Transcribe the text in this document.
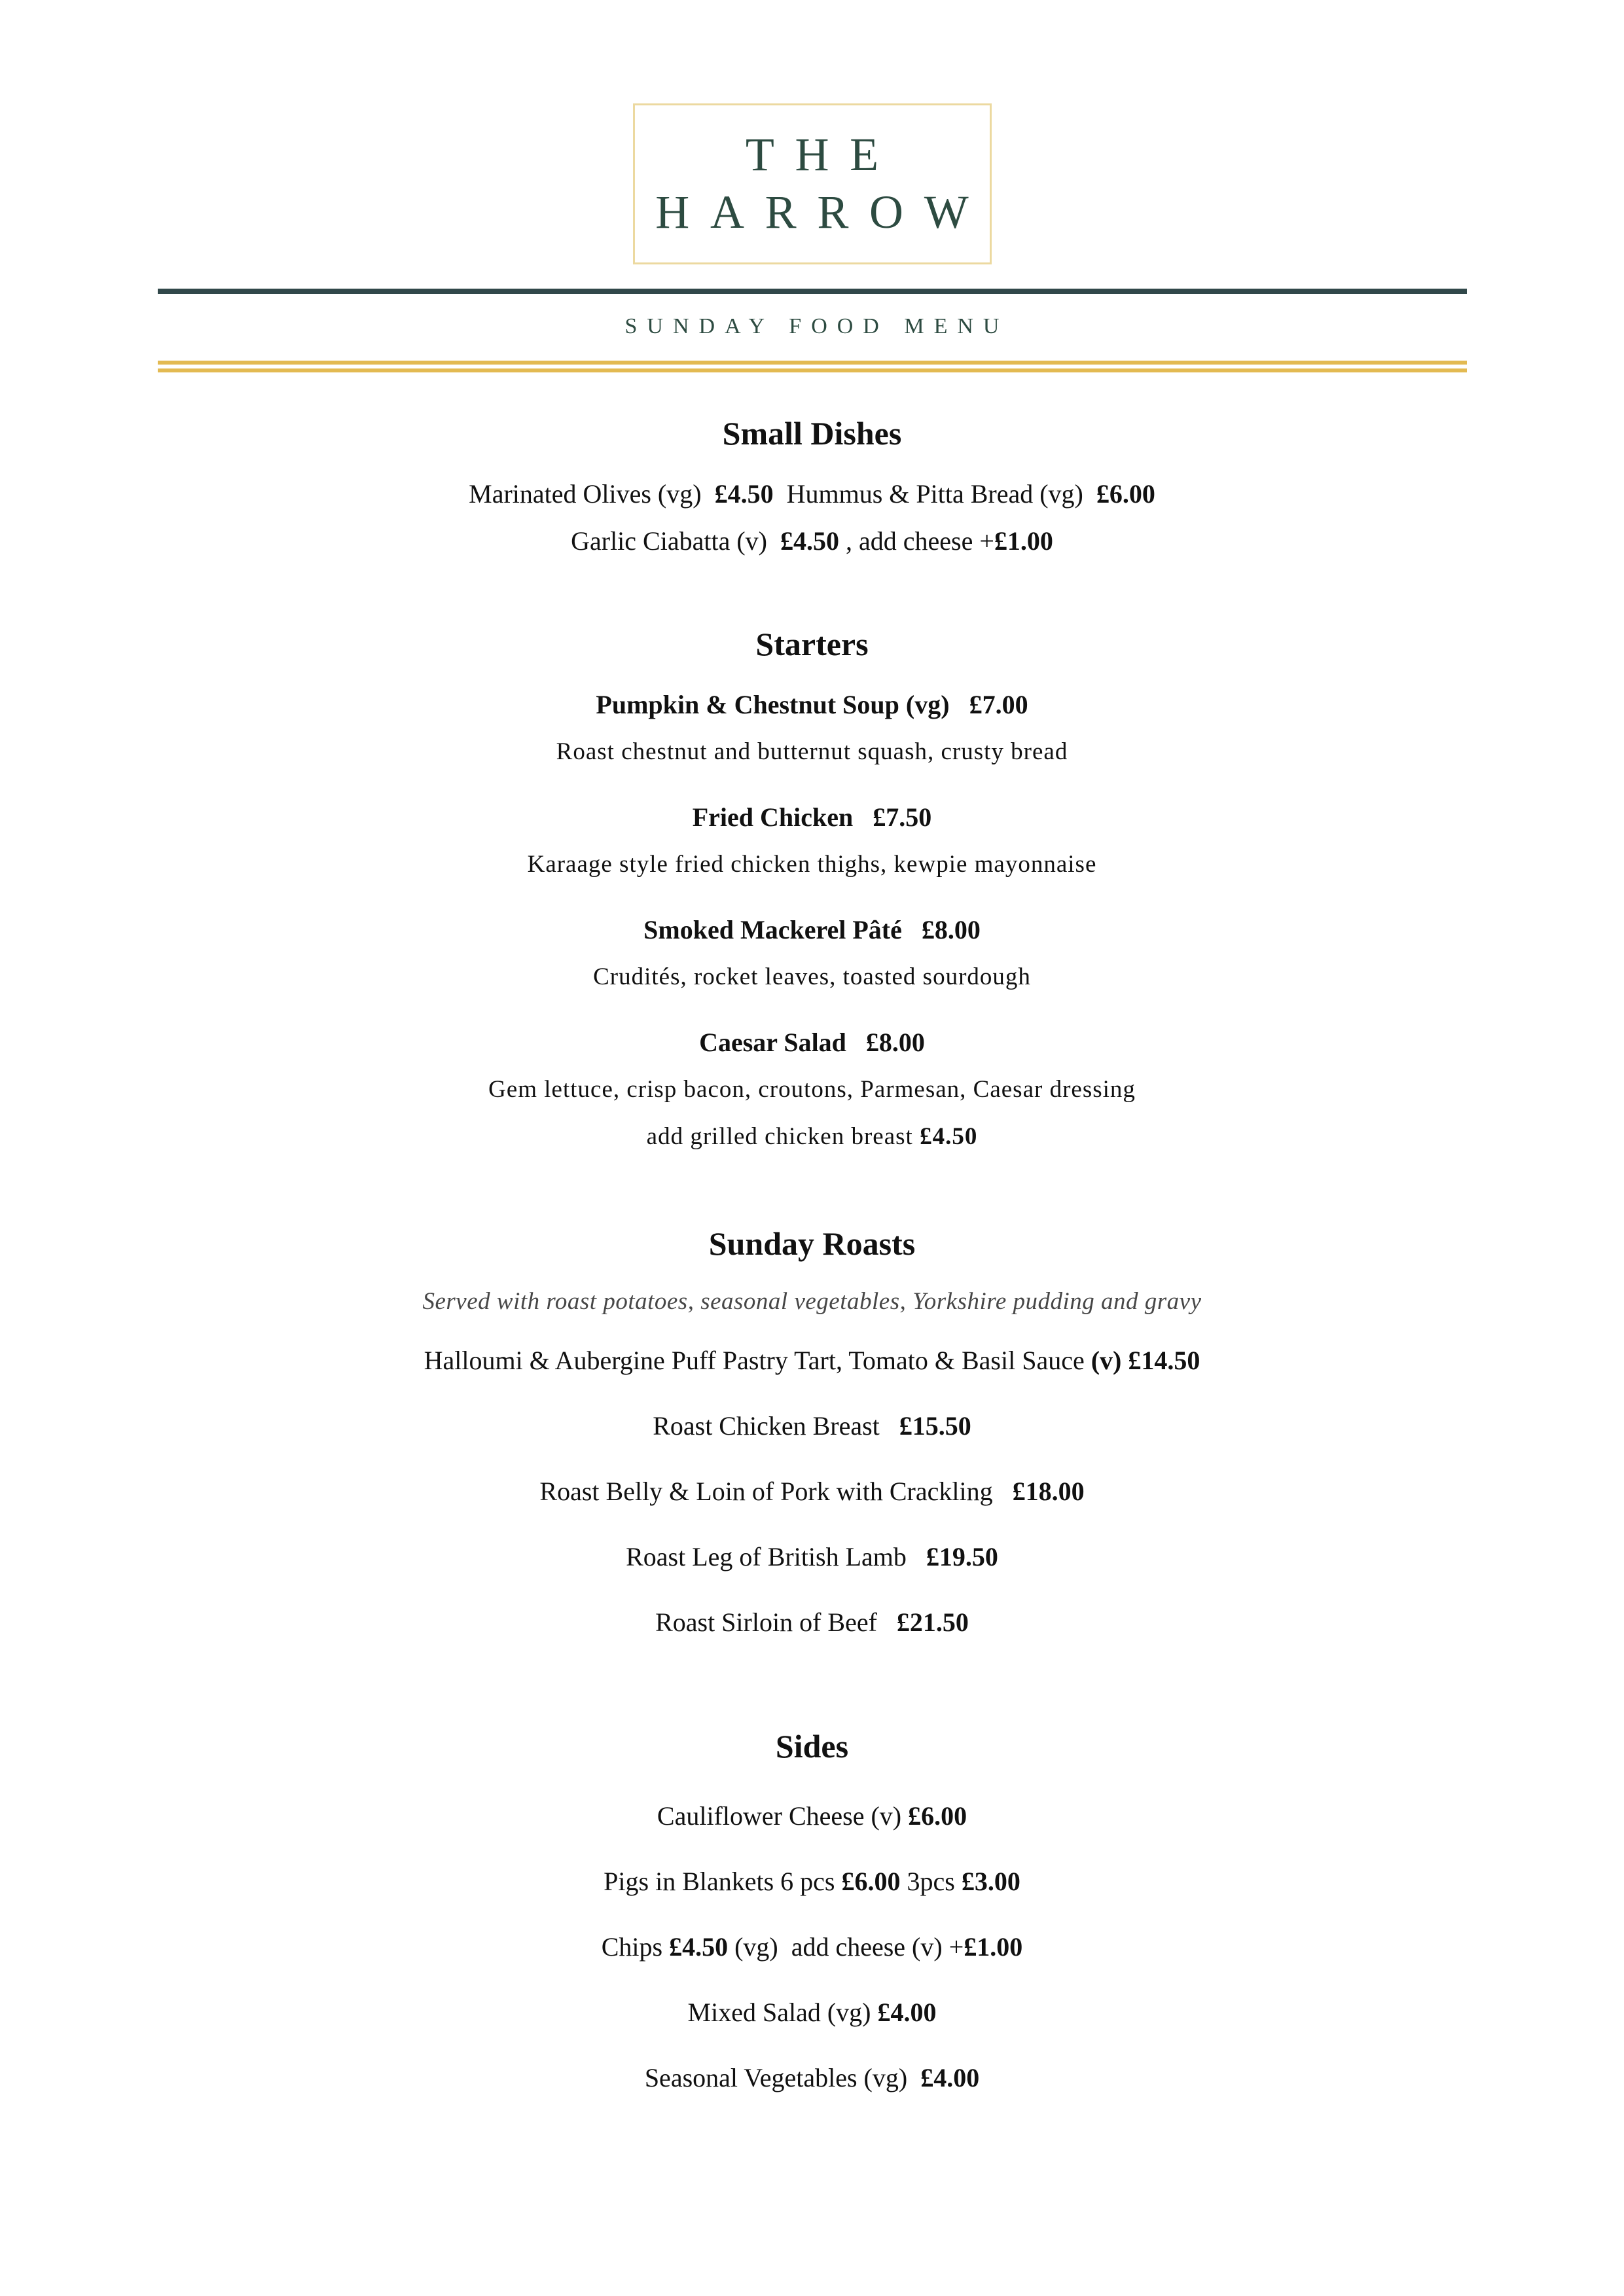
THE
HARROW
SUNDAY FOOD MENU
Small Dishes
Marinated Olives (vg)  £4.50  Hummus & Pitta Bread (vg)  £6.00
Garlic Ciabatta (v)  £4.50 , add cheese +£1.00
Starters
Pumpkin & Chestnut Soup (vg) £7.00
Roast chestnut and butternut squash, crusty bread
Fried Chicken £7.50
Karaage style fried chicken thighs, kewpie mayonnaise
Smoked Mackerel Pâté £8.00
Crudités, rocket leaves, toasted sourdough
Caesar Salad £8.00
Gem lettuce, crisp bacon, croutons, Parmesan, Caesar dressing
add grilled chicken breast £4.50
Sunday Roasts
Served with roast potatoes, seasonal vegetables, Yorkshire pudding and gravy
Halloumi & Aubergine Puff Pastry Tart, Tomato & Basil Sauce (v) £14.50
Roast Chicken Breast   £15.50
Roast Belly & Loin of Pork with Crackling   £18.00
Roast Leg of British Lamb   £19.50
Roast Sirloin of Beef   £21.50
Sides
Cauliflower Cheese (v) £6.00
Pigs in Blankets 6 pcs £6.00 3pcs £3.00
Chips £4.50 (vg)  add cheese (v) +£1.00
Mixed Salad (vg) £4.00
Seasonal Vegetables (vg)  £4.00
